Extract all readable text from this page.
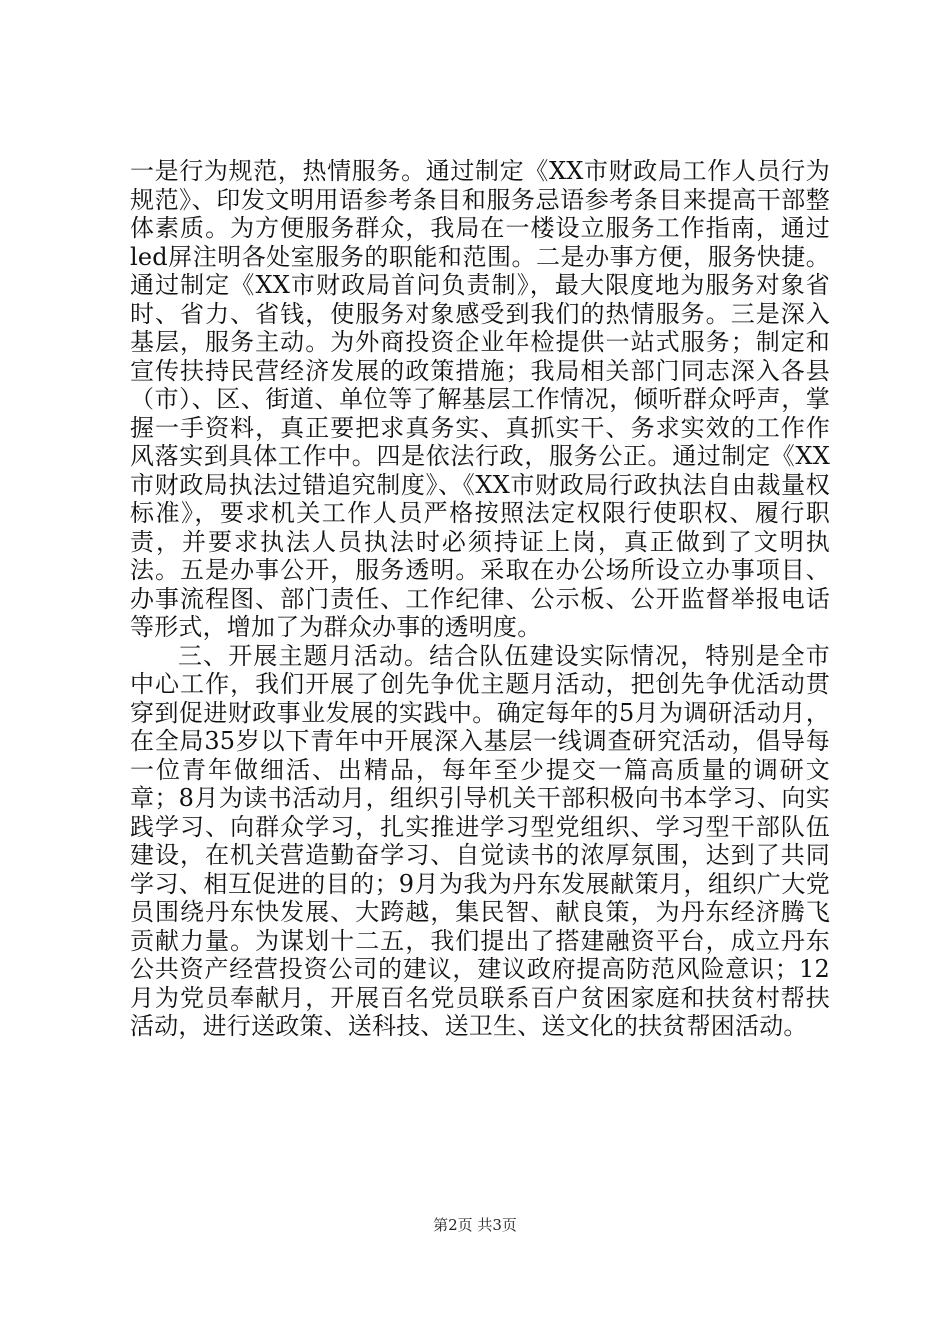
一是行为规范，热情服务。通过制定《XX市财政局工作人员行为规范》、印发文明用语参考条目和服务忌语参考条目来提高干部整体素质。为方便服务群众，我局在一楼设立服务工作指南，通过led屏注明各处室服务的职能和范围。二是办事方便，服务快捷。通过制定《XX市财政局首问负责制》，最大限度地为服务对象省时、省力、省钱，使服务对象感受到我们的热情服务。三是深入基层，服务主动。为外商投资企业年检提供一站式服务；制定和宣传扶持民营经济发展的政策措施；我局相关部门同志深入各县（市）、区、街道、单位等了解基层工作情况，倾听群众呼声，掌握一手资料，真正要把求真务实、真抓实干、务求实效的工作作风落实到具体工作中。四是依法行政，服务公正。通过制定《XX市财政局执法过错追究制度》、《XX市财政局行政执法自由裁量权标准》，要求机关工作人员严格按照法定权限行使职权、履行职责，并要求执法人员执法时必须持证上岗，真正做到了文明执法。五是办事公开，服务透明。采取在办公场所设立办事项目、办事流程图、部门责任、工作纪律、公示板、公开监督举报电话等形式，增加了为群众办事的透明度。

三、开展主题月活动。结合队伍建设实际情况，特别是全市中心工作，我们开展了创先争优主题月活动，把创先争优活动贯穿到促进财政事业发展的实践中。确定每年的5月为调研活动月，在全局35岁以下青年中开展深入基层一线调查研究活动，倡导每一位青年做细活、出精品，每年至少提交一篇高质量的调研文章；8月为读书活动月，组织引导机关干部积极向书本学习、向实践学习、向群众学习，扎实推进学习型党组织、学习型干部队伍建设，在机关营造勤奋学习、自觉读书的浓厚氛围，达到了共同学习、相互促进的目的；9月为我为丹东发展献策月，组织广大党员围绕丹东快发展、大跨越，集民智、献良策，为丹东经济腾飞贡献力量。为谋划十二五，我们提出了搭建融资平台，成立丹东公共资产经营投资公司的建议，建议政府提高防范风险意识；12月为党员奉献月，开展百名党员联系百户贫困家庭和扶贫村帮扶活动，进行送政策、送科技、送卫生、送文化的扶贫帮困活动。

第2页 共3页
